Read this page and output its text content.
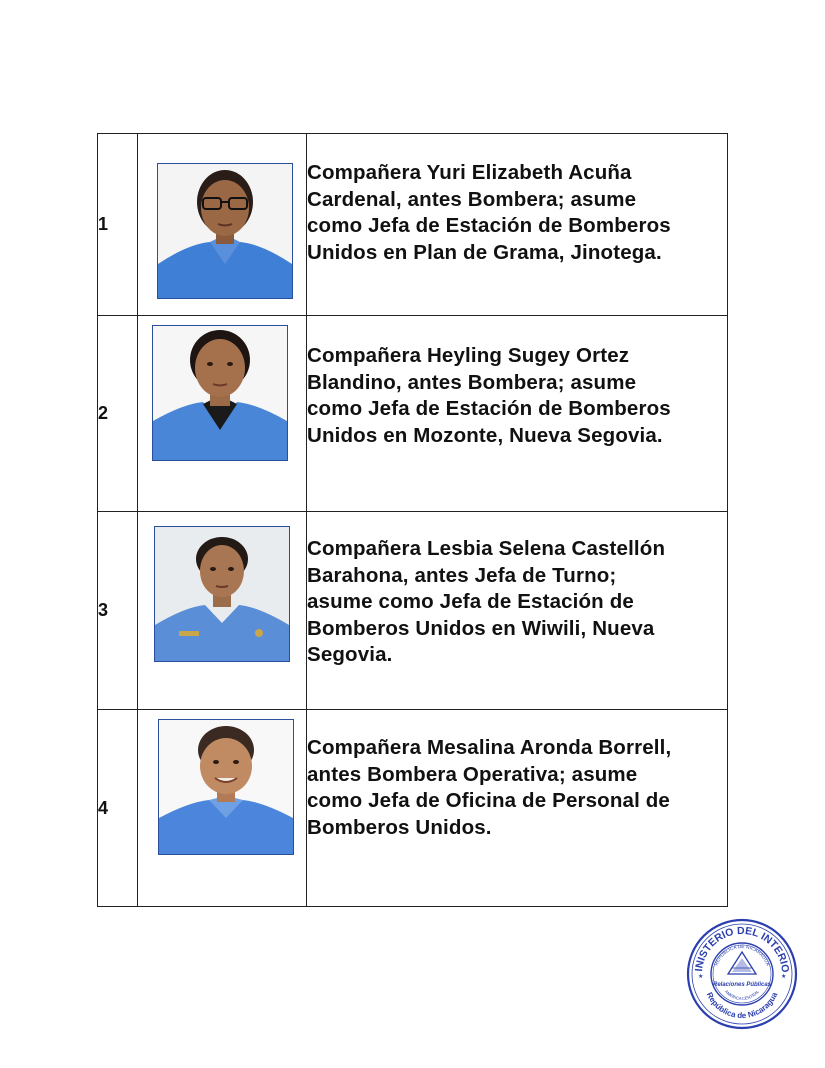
1		Compañera Yuri Elizabeth Acuña
Cardenal, antes Bombera; asume
como Jefa de Estación de Bomberos
Unidos en Plan de Grama, Jinotega.

2		Compañera Heyling Sugey Ortez
Blandino, antes Bombera; asume
como Jefa de Estación de Bomberos
Unidos en Mozonte, Nueva Segovia.

3		Compañera Lesbia Selena Castellón
Barahona, antes Jefa de Turno;
asume como Jefa de Estación de
Bomberos Unidos en Wiwili, Nueva
Segovia.

4		Compañera Mesalina Aronda Borrell,
antes Bombera Operativa; asume
como Jefa de Oficina de Personal de
Bomberos Unidos.
INISTERIO DEL INTERIO
República de Nicaragua
REPUBLICA DE NICARAGUA
AMERICA CENTRAL
Relaciones Públicas
★	★
